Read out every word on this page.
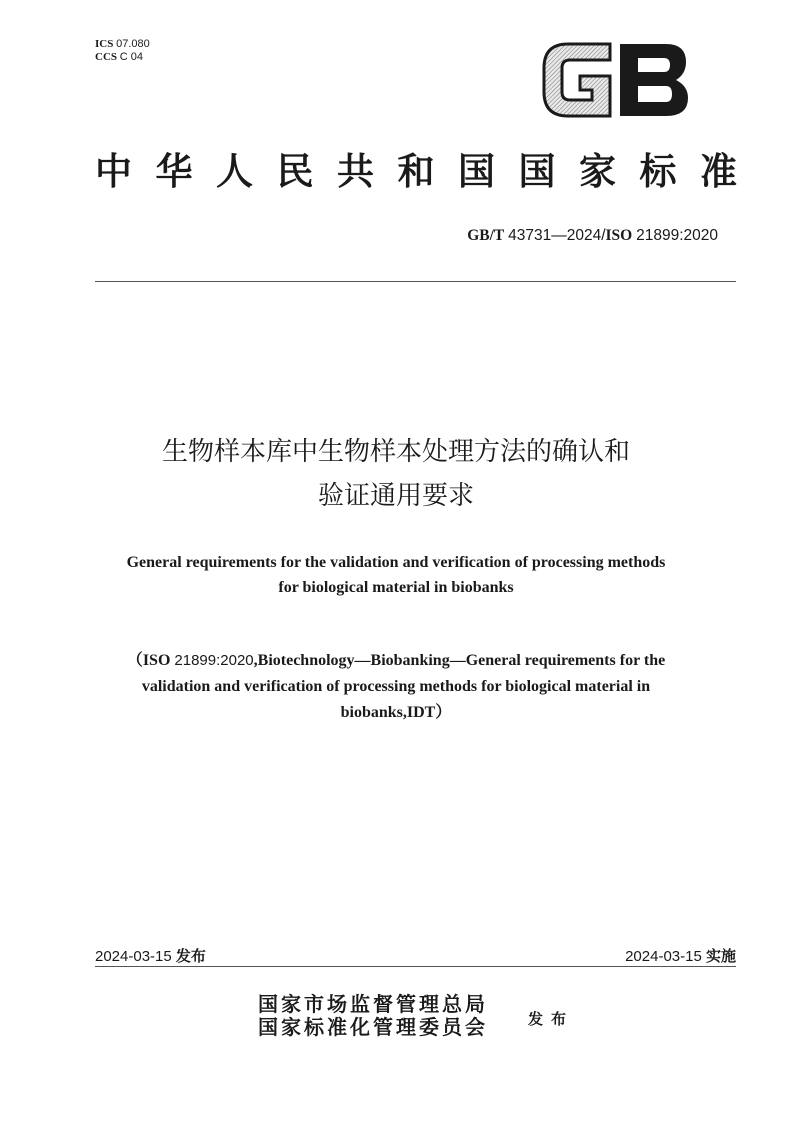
ICS 07.080
CCS C 04
中 华 人 民 共 和 国 国 家 标 准
GB/T 43731—2024/ISO 21899:2020
生物样本库中生物样本处理方法的确认和
验证通用要求
General requirements for the validation and verification of processing methods
for biological material in biobanks
（ISO 21899:2020,Biotechnology—Biobanking—General requirements for the
validation and verification of processing methods for biological material in
biobanks,IDT）
2024-03-15 发布	2024-03-15 实施
国家市场监督管理总局
国家标准化管理委员会	发布
